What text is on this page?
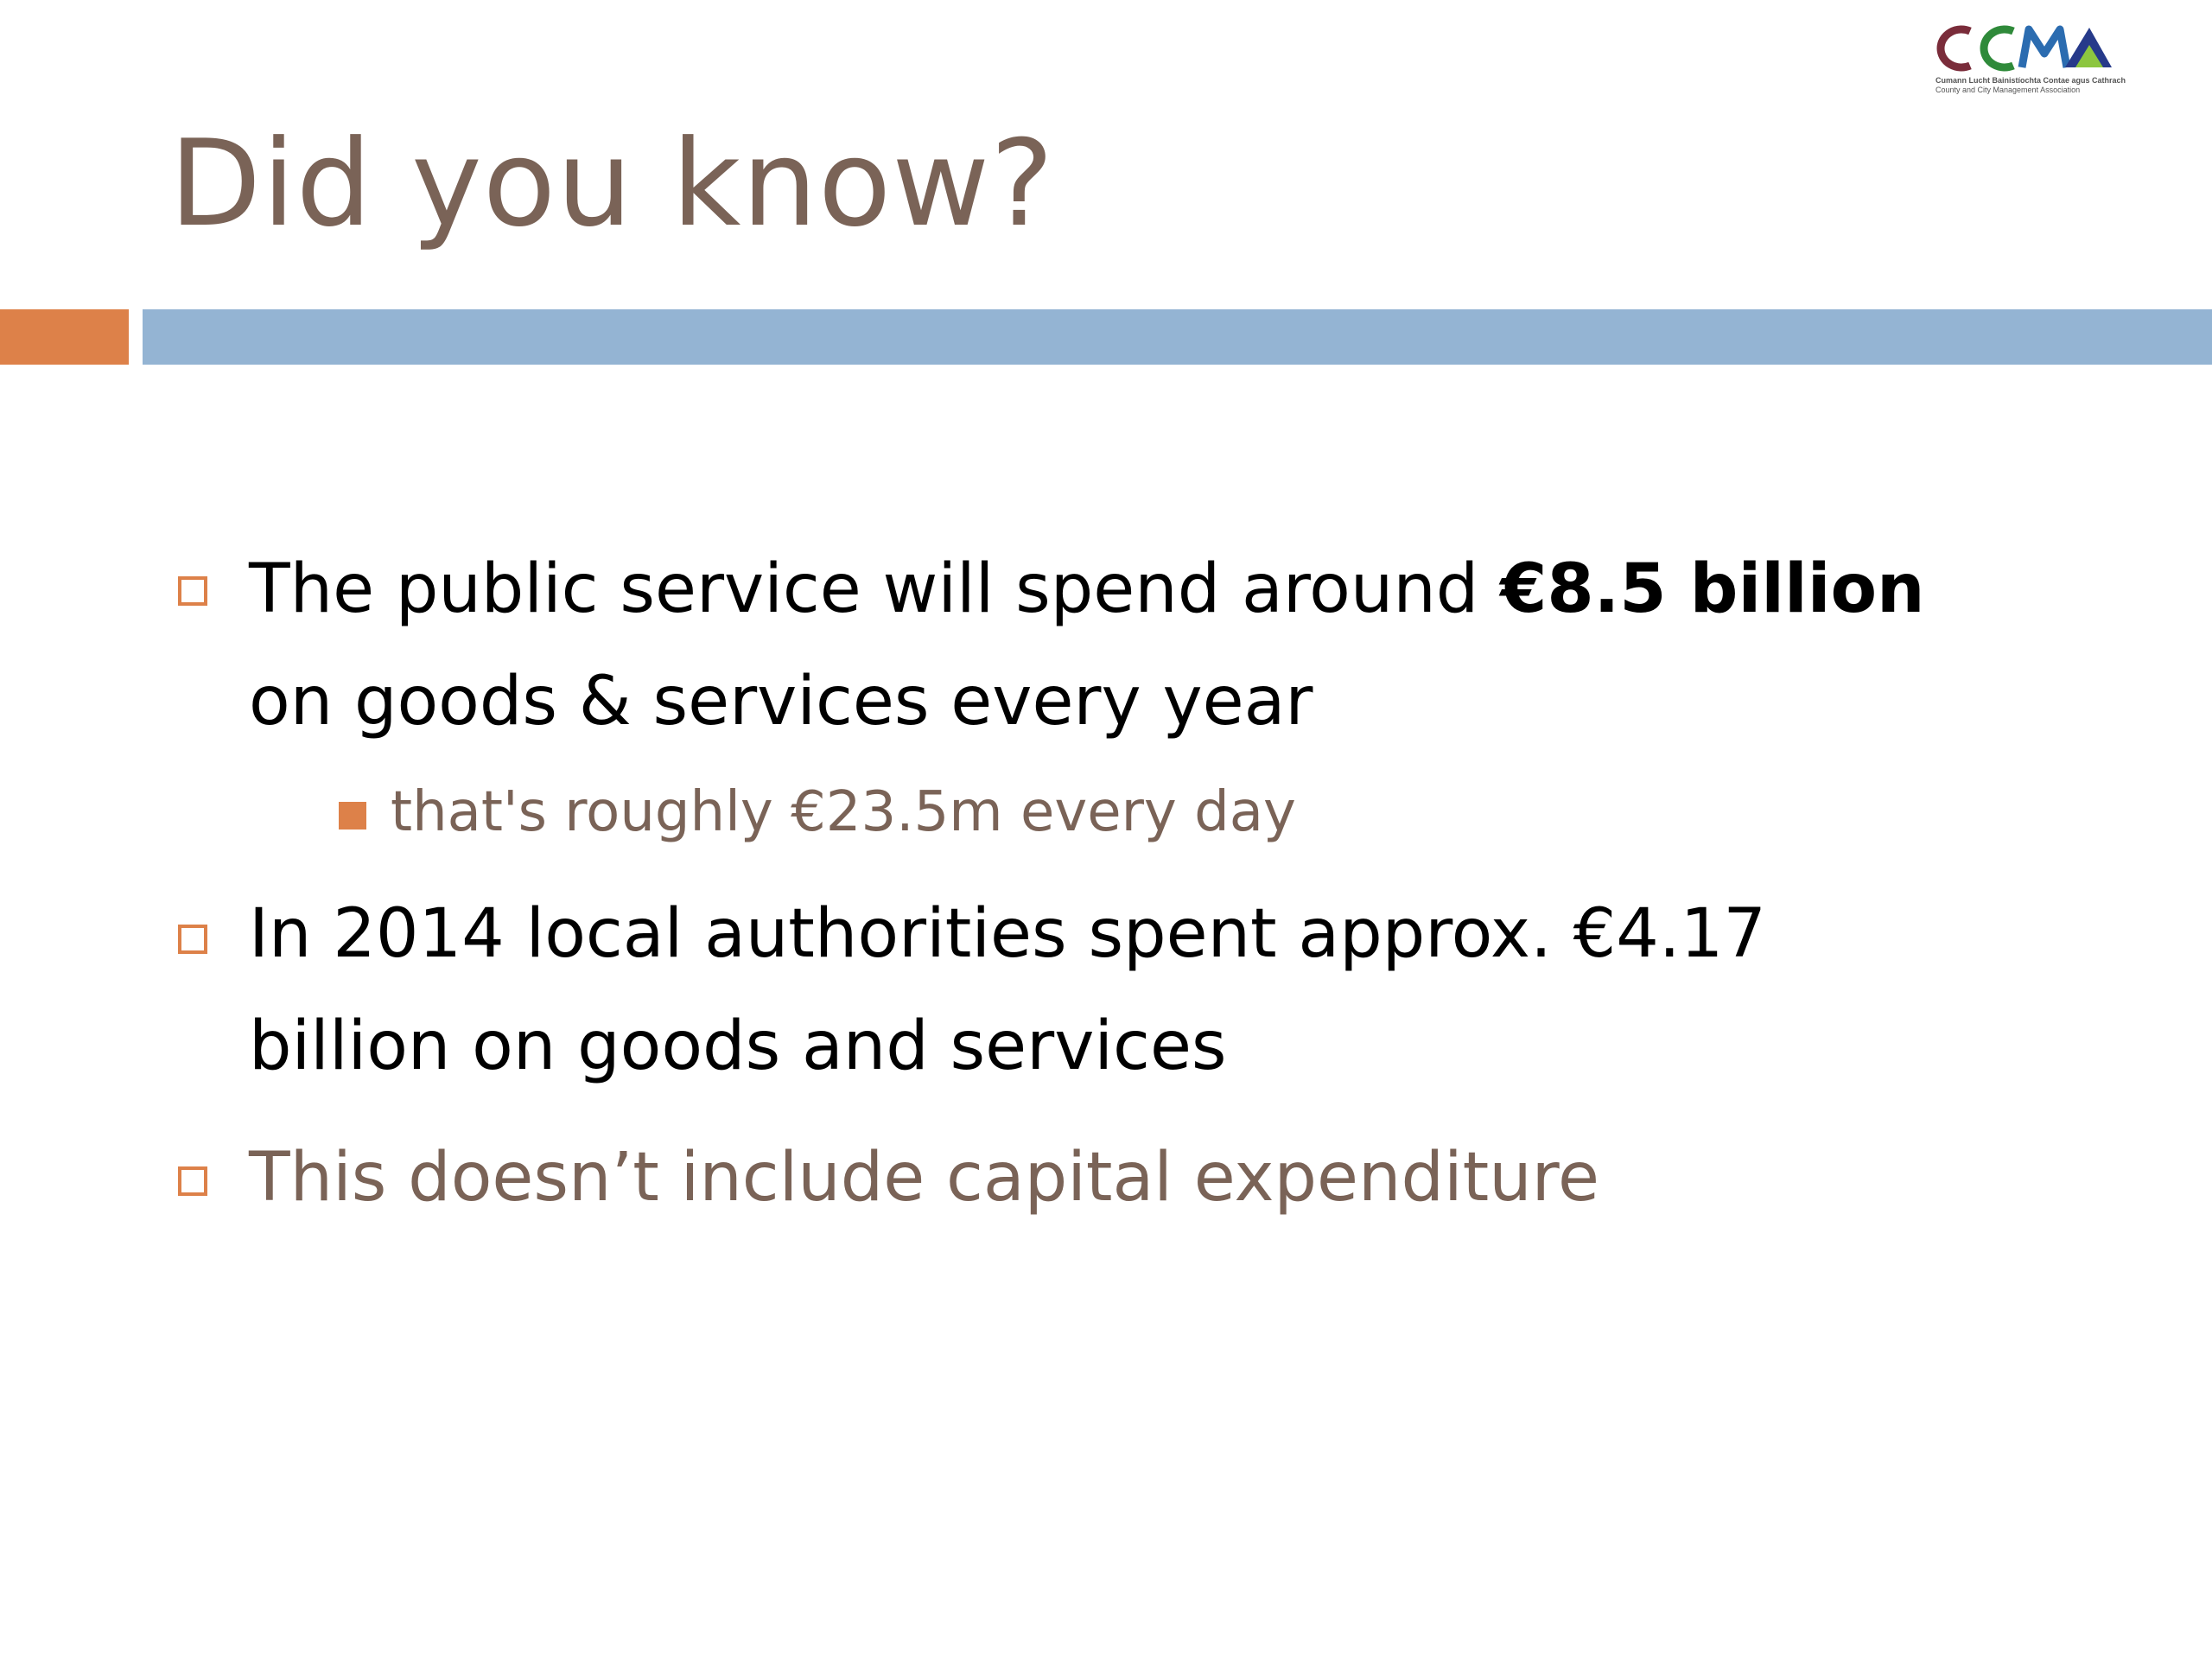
Cumann Lucht Bainistíochta Contae agus Cathrach
County and City Management Association
Did you know?
The public service will spend around €8.5 billion
on goods & services every year
that's roughly €23.5m every day
In 2014 local authorities spent approx. €4.17
billion on goods and services
This doesn’t include capital expenditure
